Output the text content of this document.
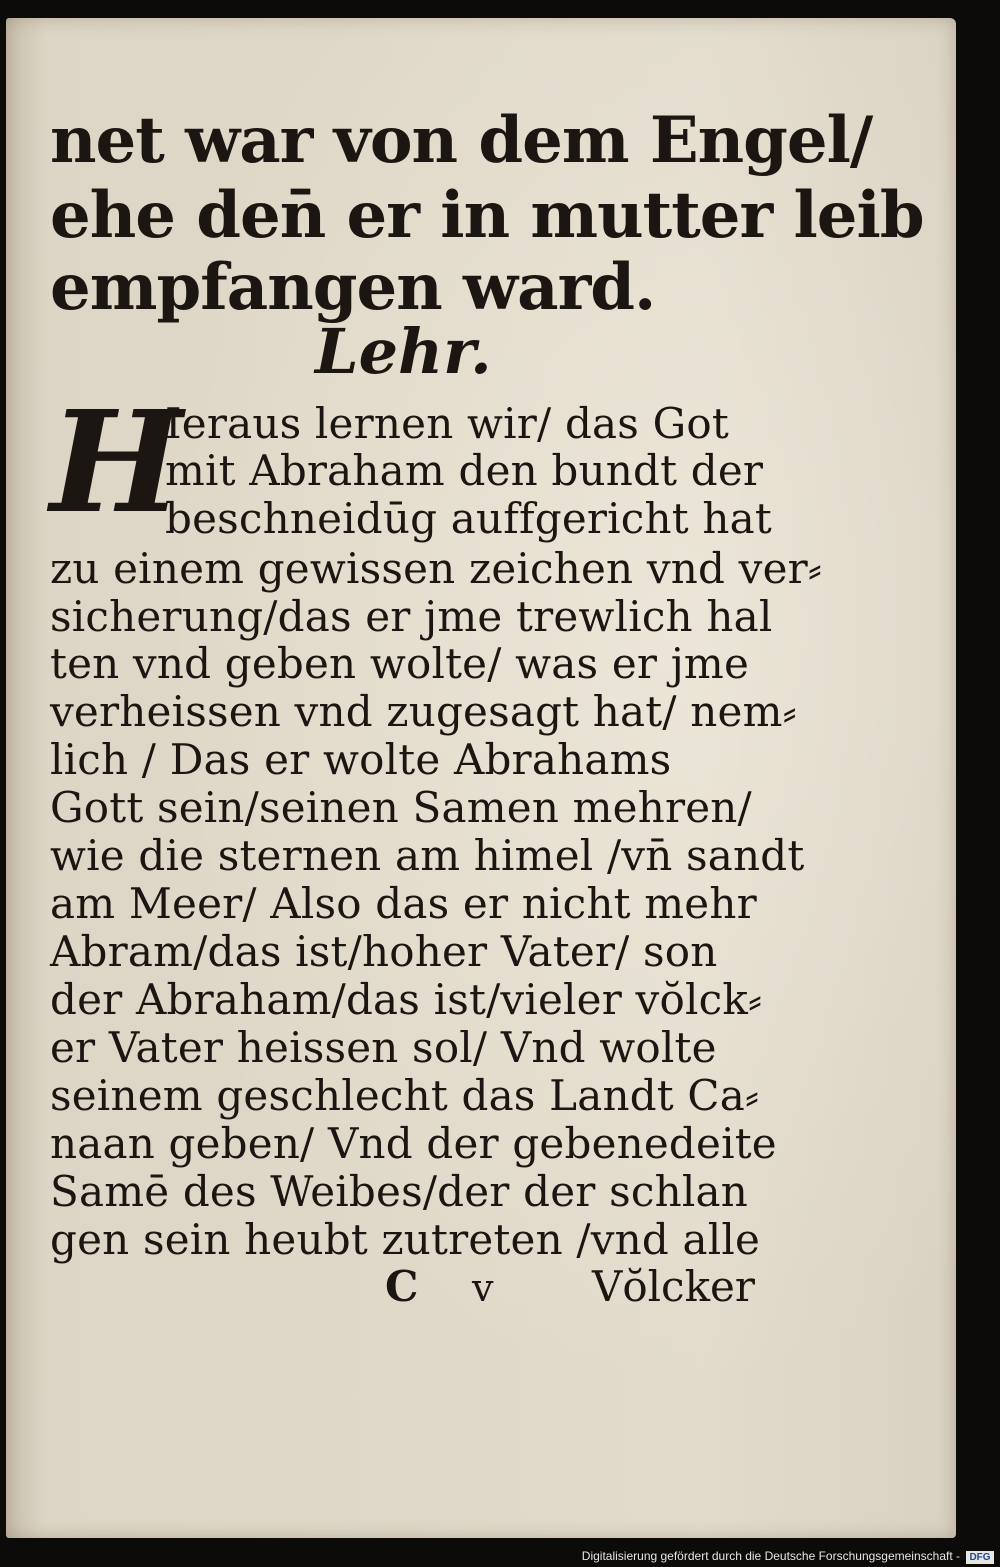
net war von dem Engel/
ehe den̄ er in mutter leib
empfangen ward.
Lehr.
H
Ieraus lernen wir/ das Got
mit Abraham den bundt der
beschneidūg auffgericht hat
zu einem gewissen zeichen vnd ver⸗
sicherung/das er jme trewlich hal
ten vnd geben wolte/ was er jme
verheissen vnd zugesagt hat/ nem⸗
lich / Das er wolte Abrahams
Gott sein/seinen Samen mehren/
wie die sternen am himel /vn̄ sandt
am Meer/ Also das er nicht mehr
Abram/das ist/hoher Vater/ son
der Abraham/das ist/vieler vŏlck⸗
er Vater heissen sol/ Vnd wolte
seinem geschlecht das Landt Ca⸗
naan geben/ Vnd der gebenedeite
Samē des Weibes/der der schlan
gen sein heubt zutreten /vnd alle
C v Vŏlcker
Digitalisierung gefördert durch die Deutsche Forschungsgemeinschaft - DFG
